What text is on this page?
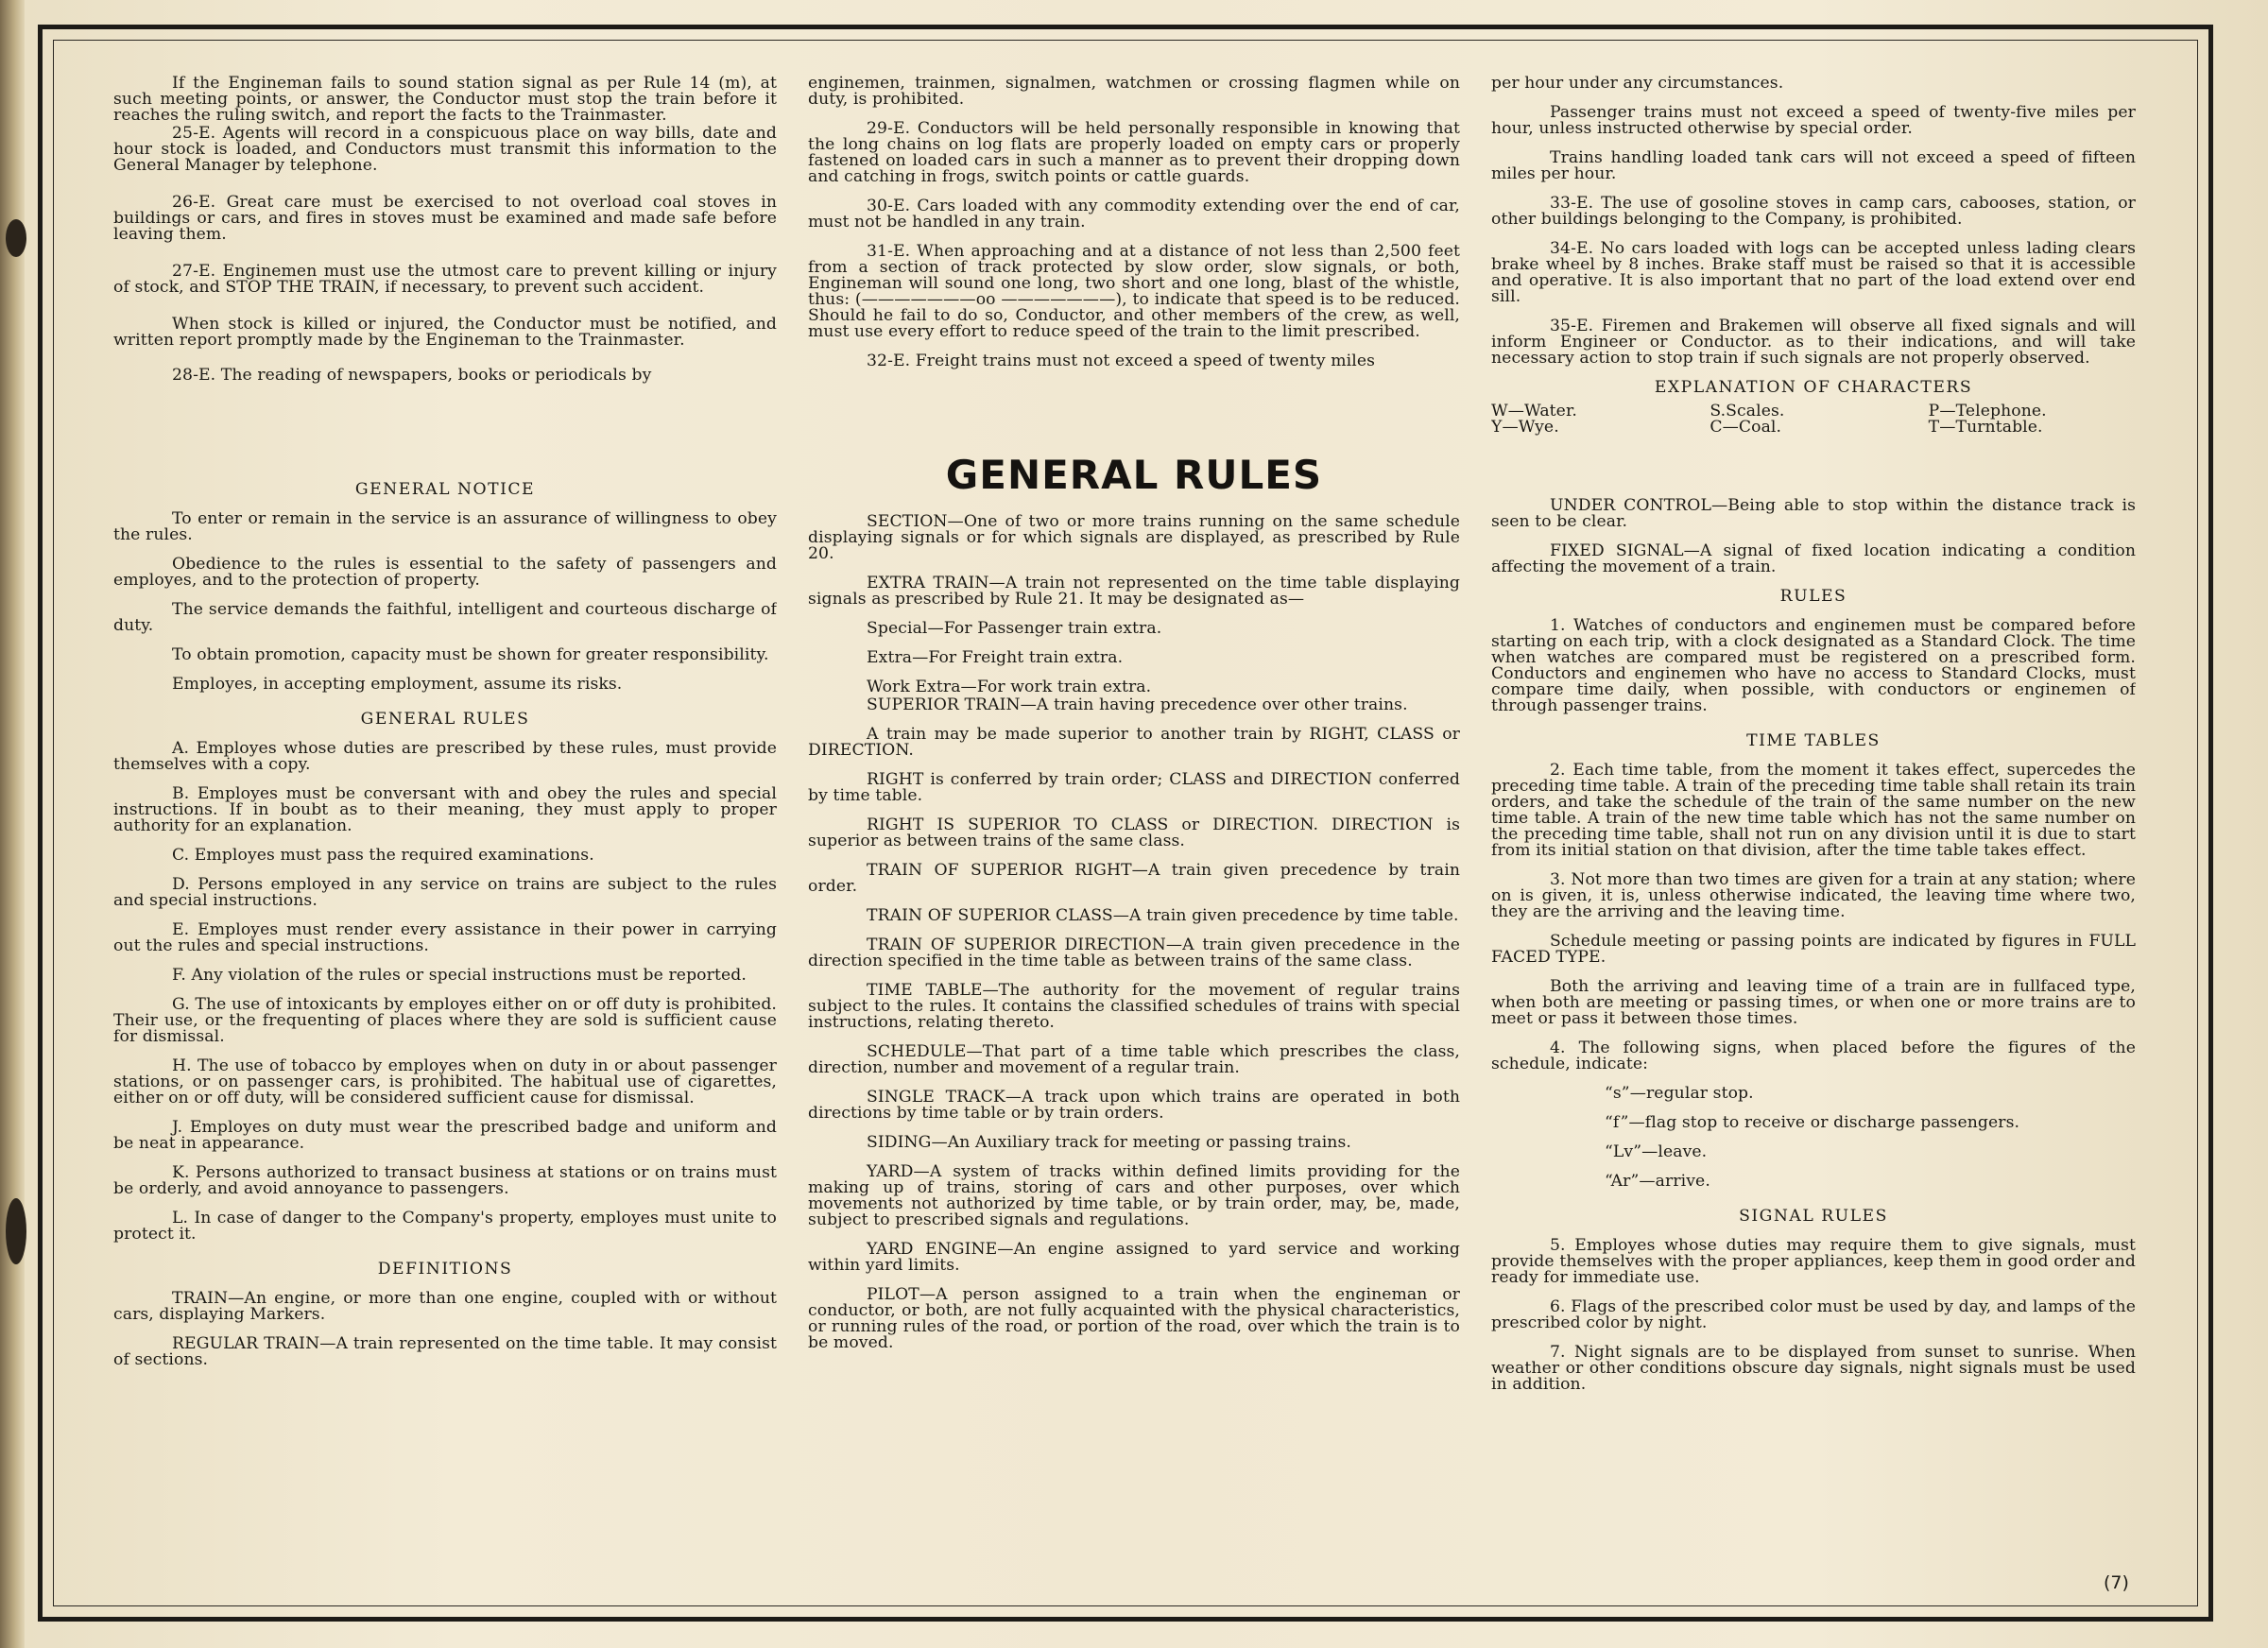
If the Engineman fails to sound station signal as per Rule 14 (m), at such meeting points, or answer, the Conductor must stop the train before it reaches the ruling switch, and report the facts to the Trainmaster.

25-E. Agents will record in a conspicuous place on way bills, date and hour stock is loaded, and Conductors must transmit this information to the General Manager by telephone.

26-E. Great care must be exercised to not overload coal stoves in buildings or cars, and fires in stoves must be examined and made safe before leaving them.

27-E. Enginemen must use the utmost care to prevent killing or injury of stock, and STOP THE TRAIN, if necessary, to prevent such accident.

When stock is killed or injured, the Conductor must be notified, and written report promptly made by the Engineman to the Trainmaster.

28-E. The reading of newspapers, books or periodicals by

GENERAL NOTICE

To enter or remain in the service is an assurance of willingness to obey the rules.

Obedience to the rules is essential to the safety of passengers and employes, and to the protection of property.

The service demands the faithful, intelligent and courteous discharge of duty.

To obtain promotion, capacity must be shown for greater responsibility.

Employes, in accepting employment, assume its risks.

GENERAL RULES

A. Employes whose duties are prescribed by these rules, must provide themselves with a copy.

B. Employes must be conversant with and obey the rules and special instructions. If in boubt as to their meaning, they must apply to proper authority for an explanation.

C. Employes must pass the required examinations.

D. Persons employed in any service on trains are subject to the rules and special instructions.

E. Employes must render every assistance in their power in carrying out the rules and special instructions.

F. Any violation of the rules or special instructions must be reported.

G. The use of intoxicants by employes either on or off duty is prohibited. Their use, or the frequenting of places where they are sold is sufficient cause for dismissal.

H. The use of tobacco by employes when on duty in or about passenger stations, or on passenger cars, is prohibited. The habitual use of cigarettes, either on or off duty, will be considered sufficient cause for dismissal.

J. Employes on duty must wear the prescribed badge and uniform and be neat in appearance.

K. Persons authorized to transact business at stations or on trains must be orderly, and avoid annoyance to passengers.

L. In case of danger to the Company's property, employes must unite to protect it.

DEFINITIONS

TRAIN—An engine, or more than one engine, coupled with or without cars, displaying Markers.

REGULAR TRAIN—A train represented on the time table. It may consist of sections.

enginemen, trainmen, signalmen, watchmen or crossing flagmen while on duty, is prohibited.

29-E. Conductors will be held personally responsible in knowing that the long chains on log flats are properly loaded on empty cars or properly fastened on loaded cars in such a manner as to prevent their dropping down and catching in frogs, switch points or cattle guards.

30-E. Cars loaded with any commodity extending over the end of car, must not be handled in any train.

31-E. When approaching and at a distance of not less than 2,500 feet from a section of track protected by slow order, slow signals, or both, Engineman will sound one long, two short and one long, blast of the whistle, thus: (———————oo ———————), to indicate that speed is to be reduced. Should he fail to do so, Conductor, and other members of the crew, as well, must use every effort to reduce speed of the train to the limit prescribed.

32-E. Freight trains must not exceed a speed of twenty miles

GENERAL RULES

SECTION—One of two or more trains running on the same schedule displaying signals or for which signals are displayed, as prescribed by Rule 20.

EXTRA TRAIN—A train not represented on the time table displaying signals as prescribed by Rule 21. It may be designated as—

Special—For Passenger train extra.

Extra—For Freight train extra.

Work Extra—For work train extra.

SUPERIOR TRAIN—A train having precedence over other trains.

A train may be made superior to another train by RIGHT, CLASS or DIRECTION.

RIGHT is conferred by train order; CLASS and DIRECTION conferred by time table.

RIGHT IS SUPERIOR TO CLASS or DIRECTION. DIRECTION is superior as between trains of the same class.

TRAIN OF SUPERIOR RIGHT—A train given precedence by train order.

TRAIN OF SUPERIOR CLASS—A train given precedence by time table.

TRAIN OF SUPERIOR DIRECTION—A train given precedence in the direction specified in the time table as between trains of the same class.

TIME TABLE—The authority for the movement of regular trains subject to the rules. It contains the classified schedules of trains with special instructions, relating thereto.

SCHEDULE—That part of a time table which prescribes the class, direction, number and movement of a regular train.

SINGLE TRACK—A track upon which trains are operated in both directions by time table or by train orders.

SIDING—An Auxiliary track for meeting or passing trains.

YARD—A system of tracks within defined limits providing for the making up of trains, storing of cars and other purposes, over which movements not authorized by time table, or by train order, may, be, made, subject to prescribed signals and regulations.

YARD ENGINE—An engine assigned to yard service and working within yard limits.

PILOT—A person assigned to a train when the engineman or conductor, or both, are not fully acquainted with the physical characteristics, or running rules of the road, or portion of the road, over which the train is to be moved.

per hour under any circumstances.

Passenger trains must not exceed a speed of twenty-five miles per hour, unless instructed otherwise by special order.

Trains handling loaded tank cars will not exceed a speed of fifteen miles per hour.

33-E. The use of gosoline stoves in camp cars, cabooses, station, or other buildings belonging to the Company, is prohibited.

34-E. No cars loaded with logs can be accepted unless lading clears brake wheel by 8 inches. Brake staff must be raised so that it is accessible and operative. It is also important that no part of the load extend over end sill.

35-E. Firemen and Brakemen will observe all fixed signals and will inform Engineer or Conductor. as to their indications, and will take necessary action to stop train if such signals are not properly observed.

EXPLANATION OF CHARACTERS
W—Water.
Y—Wye.
S.Scales.
C—Coal.
P—Telephone.
T—Turntable.

UNDER CONTROL—Being able to stop within the distance track is seen to be clear.

FIXED SIGNAL—A signal of fixed location indicating a condition affecting the movement of a train.

RULES

1. Watches of conductors and enginemen must be compared before starting on each trip, with a clock designated as a Standard Clock. The time when watches are compared must be registered on a prescribed form. Conductors and enginemen who have no access to Standard Clocks, must compare time daily, when possible, with conductors or enginemen of through passenger trains.

TIME TABLES

2. Each time table, from the moment it takes effect, supercedes the preceding time table. A train of the preceding time table shall retain its train orders, and take the schedule of the train of the same number on the new time table. A train of the new time table which has not the same number on the preceding time table, shall not run on any division until it is due to start from its initial station on that division, after the time table takes effect.

3. Not more than two times are given for a train at any station; where on is given, it is, unless otherwise indicated, the leaving time where two, they are the arriving and the leaving time.

Schedule meeting or passing points are indicated by figures in FULL FACED TYPE.

Both the arriving and leaving time of a train are in fullfaced type, when both are meeting or passing times, or when one or more trains are to meet or pass it between those times.

4. The following signs, when placed before the figures of the schedule, indicate:

“s”—regular stop.

“f”—flag stop to receive or discharge passengers.

“Lv”—leave.

“Ar”—arrive.

SIGNAL RULES

5. Employes whose duties may require them to give signals, must provide themselves with the proper appliances, keep them in good order and ready for immediate use.

6. Flags of the prescribed color must be used by day, and lamps of the prescribed color by night.

7. Night signals are to be displayed from sunset to sunrise. When weather or other conditions obscure day signals, night signals must be used in addition.

(7)
